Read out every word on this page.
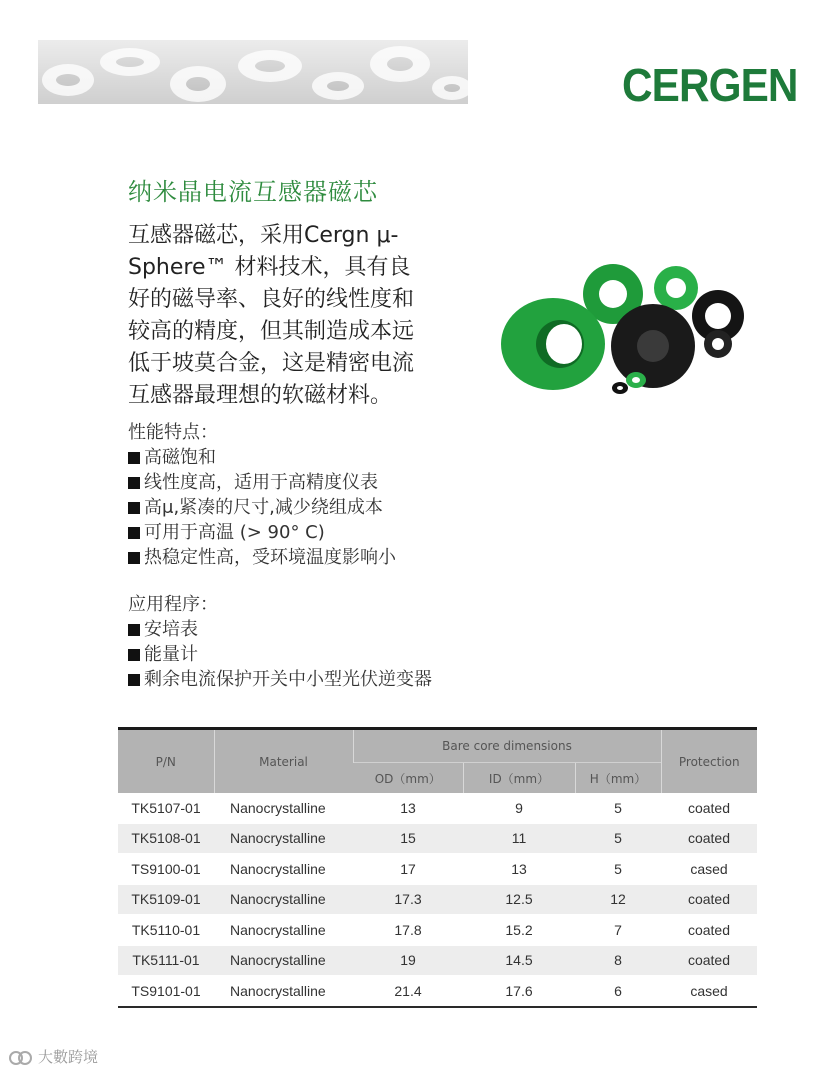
CERGEN
纳米晶电流互感器磁芯
互感器磁芯，采用Cergn μ-
Sphere™ 材料技术，具有良
好的磁导率、良好的线性度和
较高的精度，但其制造成本远
低于坡莫合金，这是精密电流
互感器最理想的软磁材料。
性能特点：
高磁饱和
线性度高，适用于高精度仪表
高μ,紧凑的尺寸,减少绕组成本
可用于高温 (> 90° C)
热稳定性高，受环境温度影响小
应用程序：
安培表
能量计
剩余电流保护开关中小型光伏逆变器
P/N	Material	Bare core dimensions			Protection
		OD（mm）	ID（mm）	H（mm）	
TK5107-01	Nanocrystalline	13	9	5	coated
TK5108-01	Nanocrystalline	15	11	5	coated
TS9100-01	Nanocrystalline	17	13	5	cased
TK5109-01	Nanocrystalline	17.3	12.5	12	coated
TK5110-01	Nanocrystalline	17.8	15.2	7	coated
TK5111-01	Nanocrystalline	19	14.5	8	coated
TS9101-01	Nanocrystalline	21.4	17.6	6	cased
大數跨境
